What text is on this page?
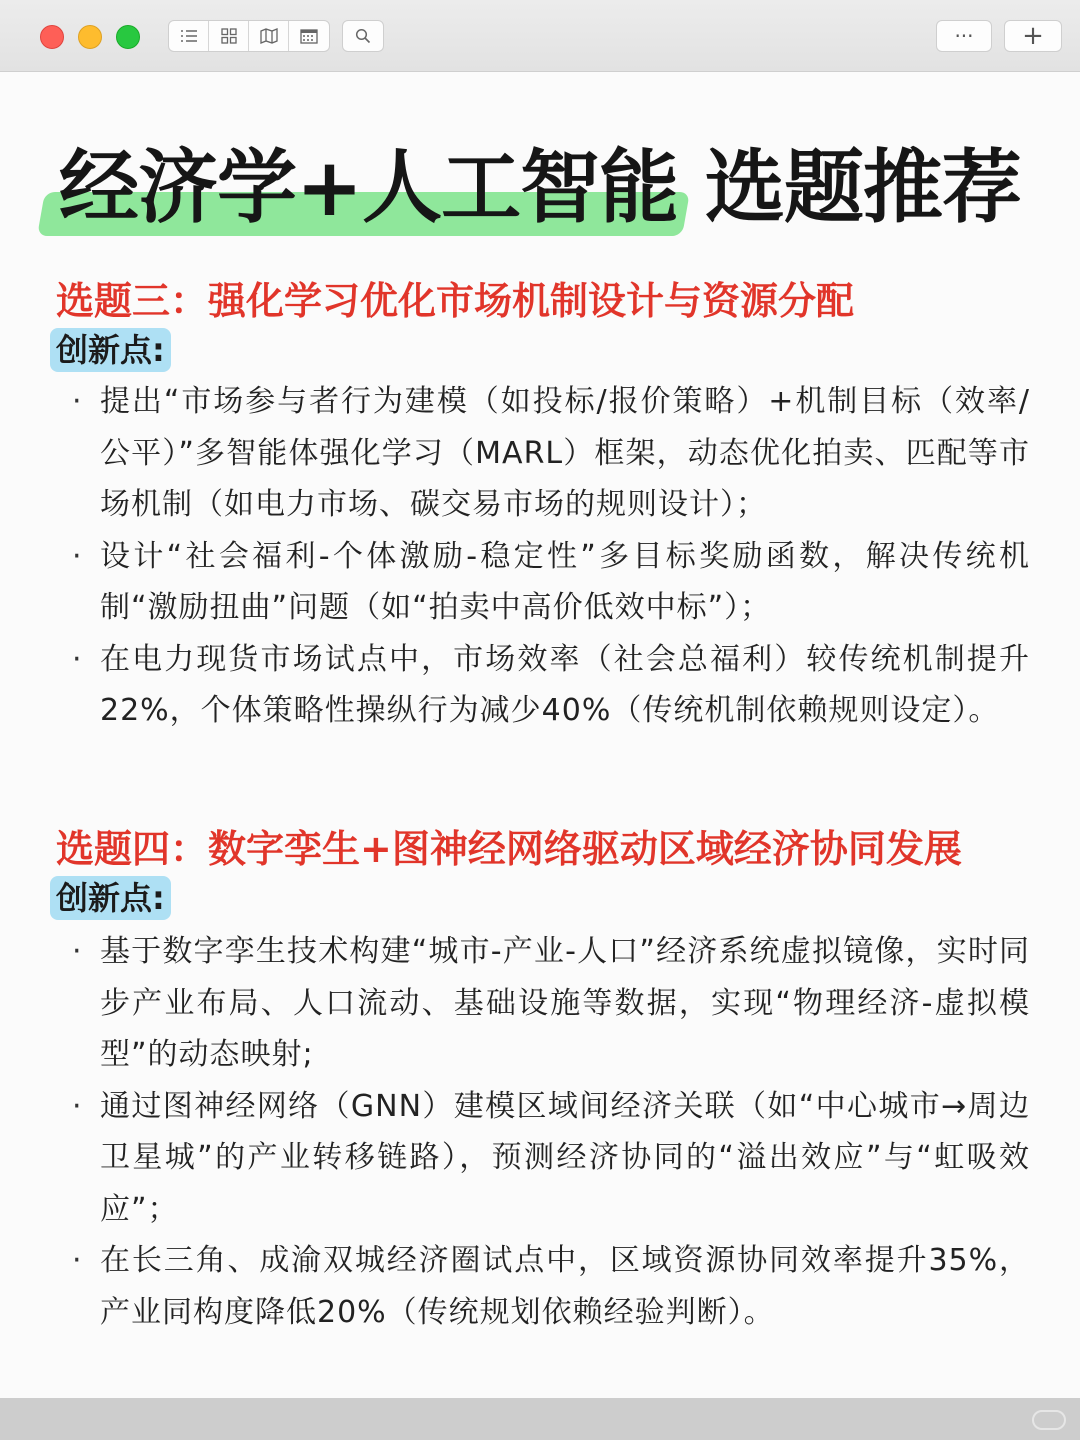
··· +
经济学+人工智能 选题推荐
选题三：强化学习优化市场机制设计与资源分配
创新点:
· 提出“市场参与者行为建模（如投标/报价策略）+机制目标（效率/公平）”多智能体强化学习（MARL）框架，动态优化拍卖、匹配等市场机制（如电力市场、碳交易市场的规则设计）；
· 设计“社会福利-个体激励-稳定性”多目标奖励函数，解决传统机制“激励扭曲”问题（如“拍卖中高价低效中标”）；
· 在电力现货市场试点中，市场效率（社会总福利）较传统机制提升22%，个体策略性操纵行为减少40%（传统机制依赖规则设定）。
选题四：数字孪生+图神经网络驱动区域经济协同发展
创新点:
· 基于数字孪生技术构建“城市-产业-人口”经济系统虚拟镜像，实时同步产业布局、人口流动、基础设施等数据，实现“物理经济-虚拟模型”的动态映射;
· 通过图神经网络（GNN）建模区域间经济关联（如“中心城市→周边卫星城”的产业转移链路），预测经济协同的“溢出效应”与“虹吸效应”；
· 在长三角、成渝双城经济圈试点中，区域资源协同效率提升35%，产业同构度降低20%（传统规划依赖经验判断）。
